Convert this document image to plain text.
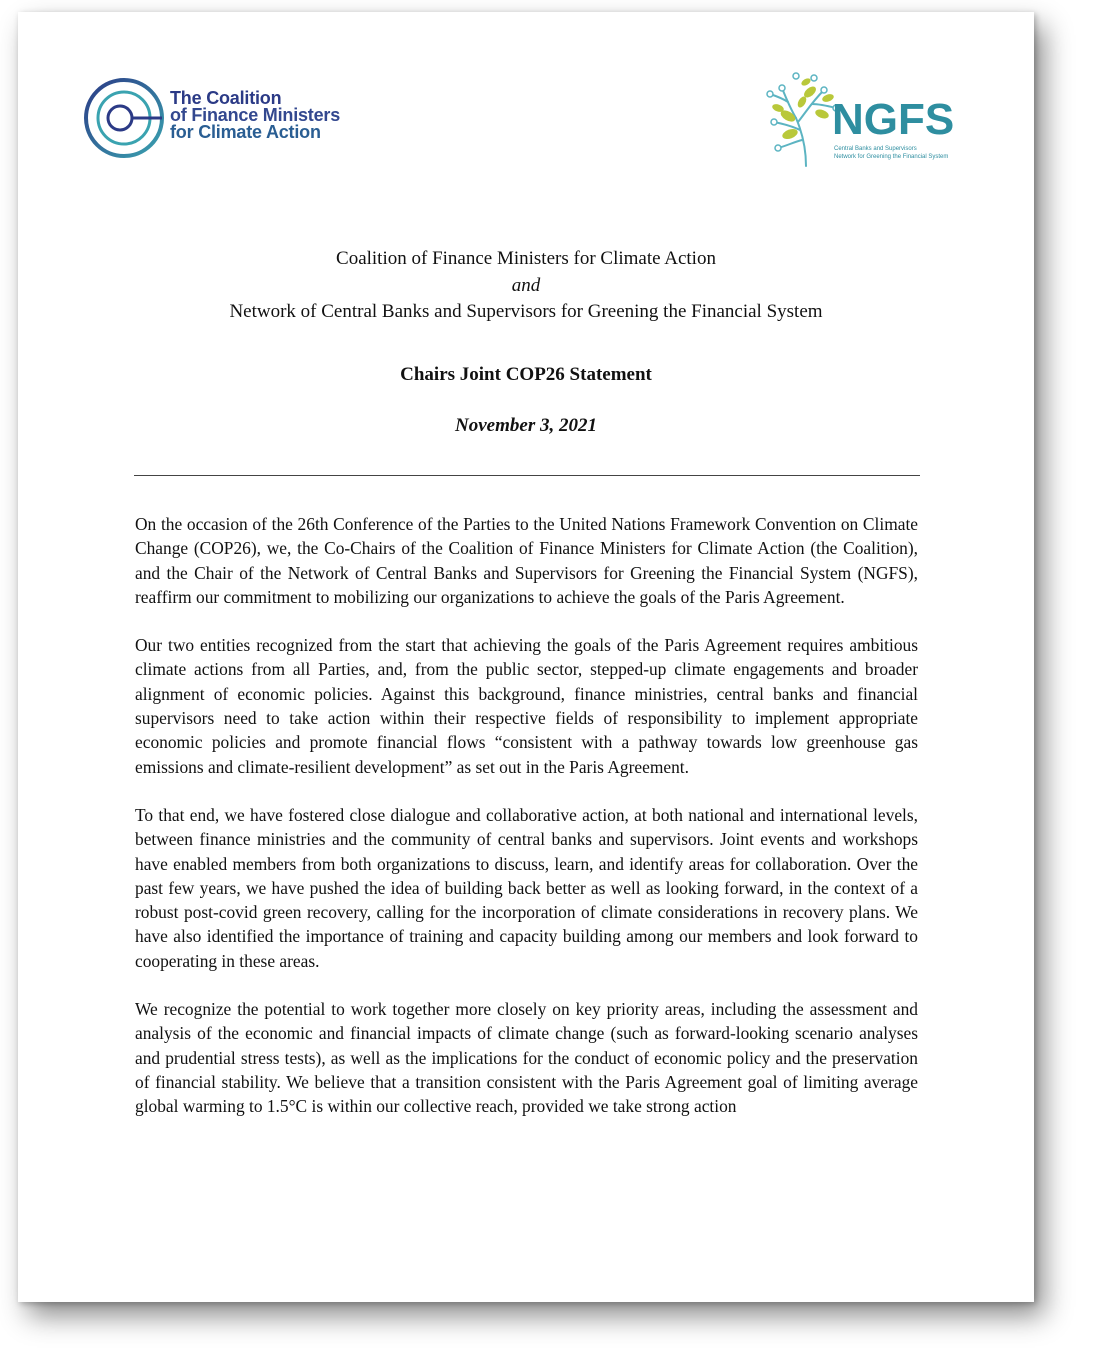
The Coalition
of Finance Ministers
for Climate Action	NGFS
Central Banks and Supervisors
Network for Greening the Financial System
Coalition of Finance Ministers for Climate Action
and
Network of Central Banks and Supervisors for Greening the Financial System
Chairs Joint COP26 Statement
November 3, 2021

On the occasion of the 26th Conference of the Parties to the United Nations Framework Convention on Climate Change (COP26), we, the Co-Chairs of the Coalition of Finance Ministers for Climate Action (the Coalition), and the Chair of the Network of Central Banks and Supervisors for Greening the Financial System (NGFS), reaffirm our commitment to mobilizing our organizations to achieve the goals of the Paris Agreement.

Our two entities recognized from the start that achieving the goals of the Paris Agreement requires ambitious climate actions from all Parties, and, from the public sector, stepped-up climate engagements and broader alignment of economic policies. Against this background, finance ministries, central banks and financial supervisors need to take action within their respective fields of responsibility to implement appropriate economic policies and promote financial flows “consistent with a pathway towards low greenhouse gas emissions and climate-resilient development” as set out in the Paris Agreement.

To that end, we have fostered close dialogue and collaborative action, at both national and international levels, between finance ministries and the community of central banks and supervisors. Joint events and workshops have enabled members from both organizations to discuss, learn, and identify areas for collaboration. Over the past few years, we have pushed the idea of building back better as well as looking forward, in the context of a robust post-covid green recovery, calling for the incorporation of climate considerations in recovery plans. We have also identified the importance of training and capacity building among our members and look forward to cooperating in these areas.

We recognize the potential to work together more closely on key priority areas, including the assessment and analysis of the economic and financial impacts of climate change (such as forward-looking scenario analyses and prudential stress tests), as well as the implications for the conduct of economic policy and the preservation of financial stability. We believe that a transition consistent with the Paris Agreement goal of limiting average global warming to 1.5°C is within our collective reach, provided we take strong action
